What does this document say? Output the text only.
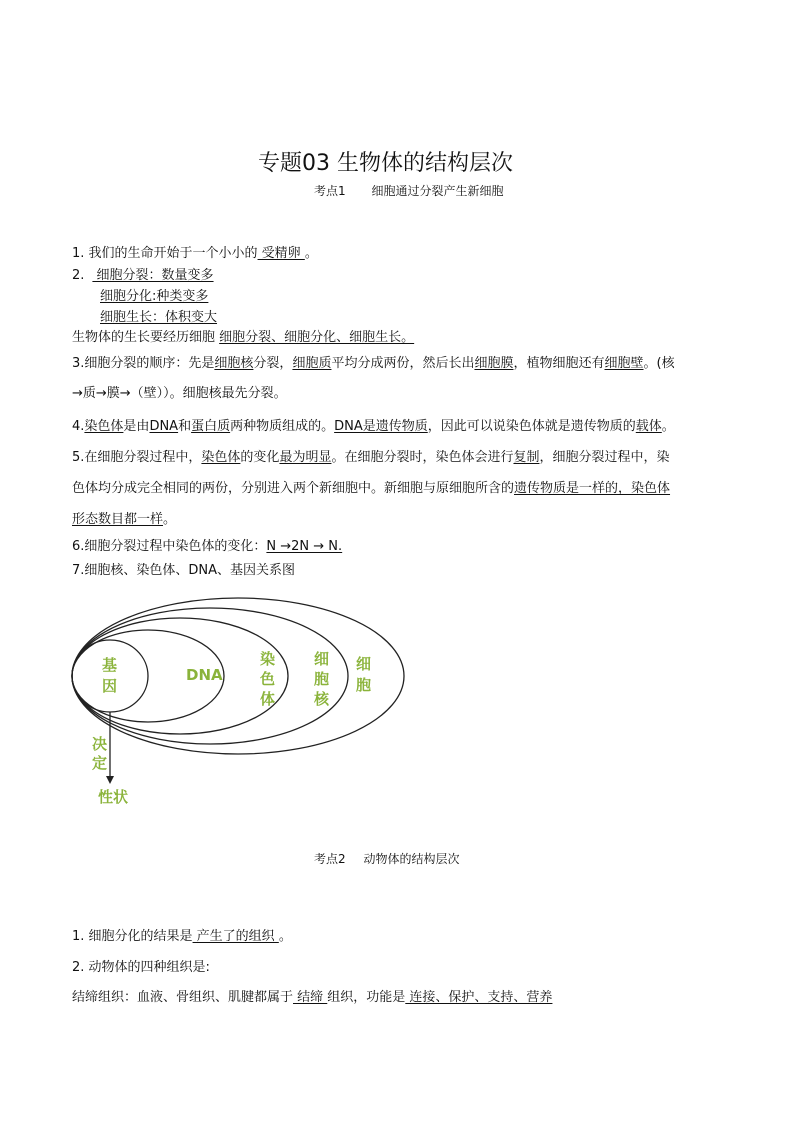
专题03 生物体的结构层次
考点1 细胞通过分裂产生新细胞
1. 我们的生命开始于一个小小的 受精卵 。
2. 细胞分裂：数量变多
细胞分化:种类变多
细胞生长：体积变大
生物体的生长要经历细胞 细胞分裂、细胞分化、细胞生长。
3.细胞分裂的顺序：先是细胞核分裂，细胞质平均分成两份，然后长出细胞膜，植物细胞还有细胞壁。(核
→质→膜→（壁））。细胞核最先分裂。
4.染色体是由DNA和蛋白质两种物质组成的。DNA是遗传物质，因此可以说染色体就是遗传物质的载体。
5.在细胞分裂过程中，染色体的变化最为明显。在细胞分裂时，染色体会进行复制，细胞分裂过程中，染
色体均分成完全相同的两份，分别进入两个新细胞中。新细胞与原细胞所含的遗传物质是一样的，染色体
形态数目都一样。
6.细胞分裂过程中染色体的变化：N →2N → N.
7.细胞核、染色体、DNA、基因关系图
基
因
DNA
染
色
体
细
胞
核
细
胞
决
定
性状
考点2 动物体的结构层次
1. 细胞分化的结果是 产生了的组织 。
2. 动物体的四种组织是:
结缔组织：血液、骨组织、肌腱都属于 结缔 组织，功能是 连接、保护、支持、营养
